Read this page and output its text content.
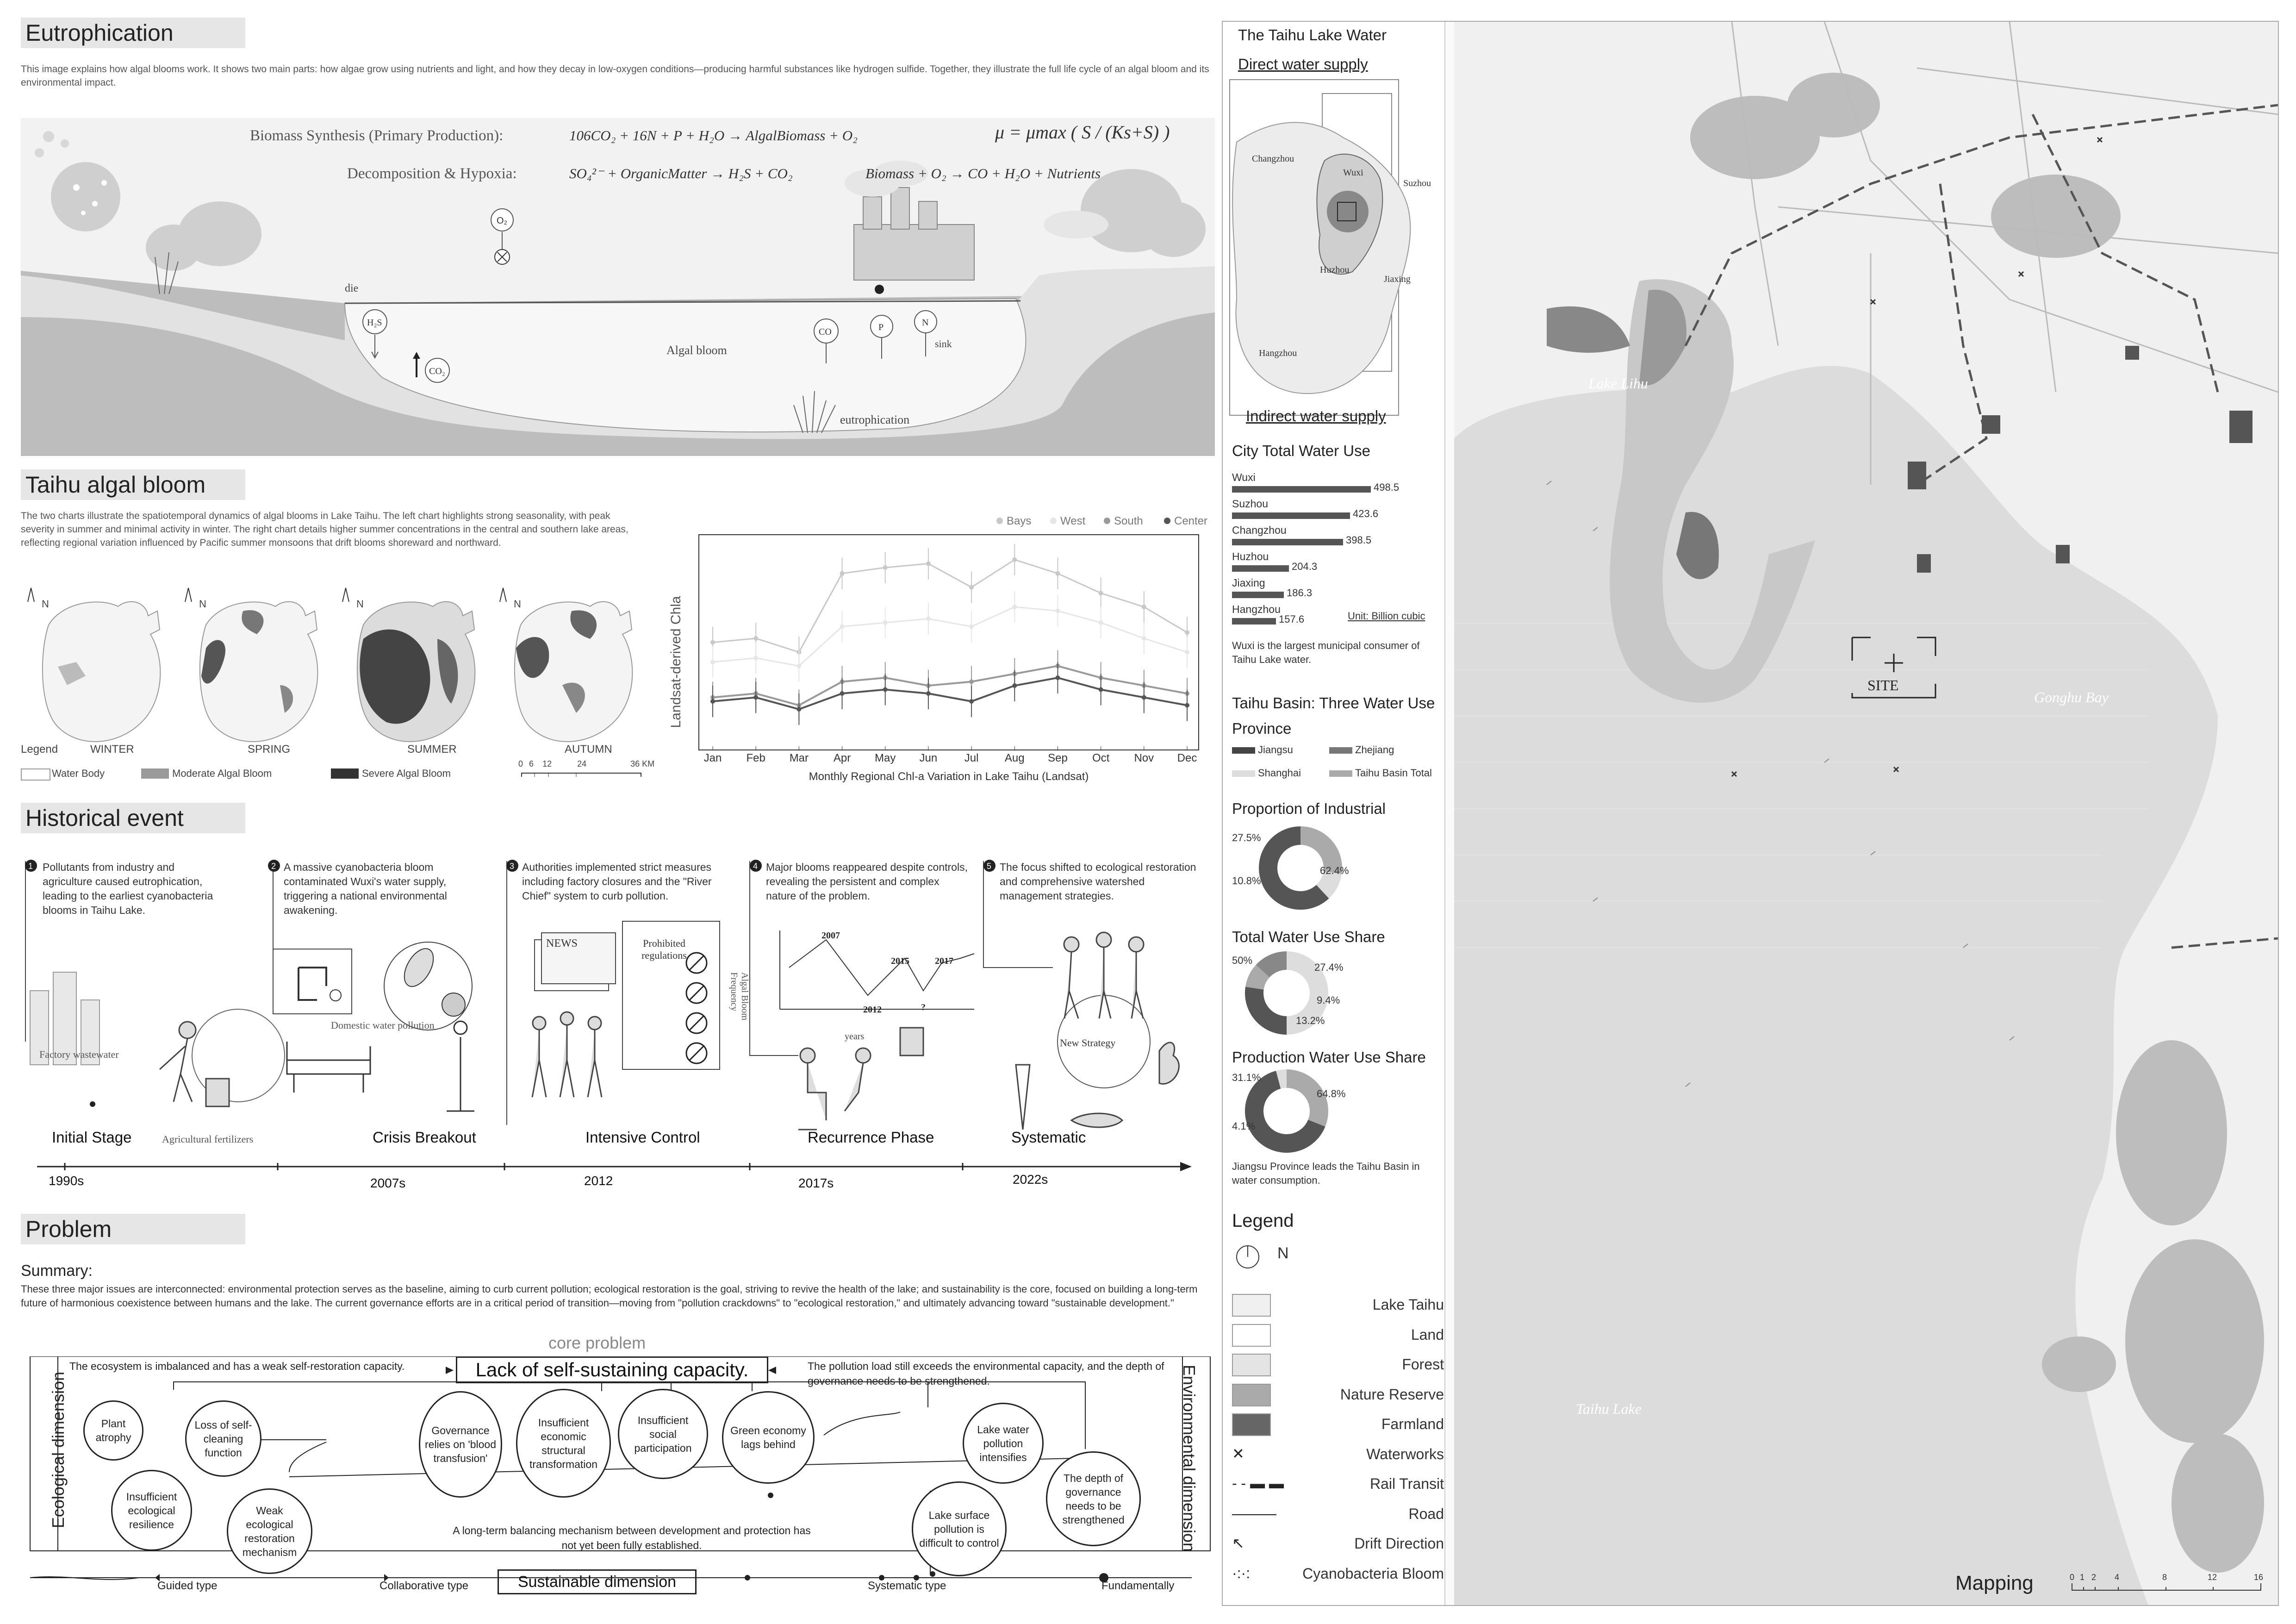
Eutrophication
This image explains how algal blooms work. It shows two main parts: how algae grow using nutrients and light, and how they decay in low-oxygen conditions—producing harmful substances like hydrogen sulfide. Together, they illustrate the full life cycle of an algal bloom and its environmental impact.
O₂
H₂S
CO₂
CO	P	N
sink
die
Algal bloom
eutrophication
Biomass Synthesis (Primary Production):	106CO₂ + 16N + P + H₂O → AlgalBiomass + O₂	μ = μmax ( S / (Ks+S) )
Decomposition & Hypoxia:	SO₄²⁻ + OrganicMatter → H₂S + CO₂	Biomass + O₂ → CO + H₂O + Nutrients
Taihu algal bloom
The two charts illustrate the spatiotemporal dynamics of algal blooms in Lake Taihu. The left chart highlights strong seasonality, with peak severity in summer and minimal activity in winter. The right chart details higher summer concentrations in the central and southern lake areas, reflecting regional variation influenced by Pacific summer monsoons that drift blooms shoreward and northward.
N	N	N	N
WINTER	SPRING	SUMMER	AUTUMN
Legend
Water Body	Moderate Algal Bloom	Severe Algal Bloom
0 6 12	24	36 KM
Landsat-derived Chla
Monthly Regional Chl-a Variation in Lake Taihu (Landsat)
Jan Feb Mar Apr May Jun Jul Aug Sep Oct Nov Dec
Bays	West	South	Center
Historical event
1	2	3	4	5
NEWS
Pollutants from industry and agriculture caused eutrophication, leading to the earliest cyanobacteria blooms in Taihu Lake.
A massive cyanobacteria bloom contaminated Wuxi's water supply, triggering a national environmental awakening.
Authorities implemented strict measures including factory closures and the "River Chief" system to curb pollution.
Major blooms reappeared despite controls, revealing the persistent and complex nature of the problem.
The focus shifted to ecological restoration and comprehensive watershed management strategies.
Factory wastewater
Agricultural fertilizers
Domestic water pollution
Prohibited regulations
Algal Bloom Frequency
years
2007
2012
2015	2017
?
New Strategy
Initial Stage	Crisis Breakout	Intensive Control	Recurrence Phase	Systematic
1990s	2007s	2012	2017s	2022s
Problem
Summary:
These three major issues are interconnected: environmental protection serves as the baseline, aiming to curb current pollution; ecological restoration is the goal, striving to revive the health of the lake; and sustainability is the core, focused on building a long-term future of harmonious coexistence between humans and the lake. The current governance efforts are in a critical period of transition—moving from "pollution crackdowns" to "ecological restoration," and ultimately advancing toward "sustainable development."
core problem
Lack of self-sustaining capacity.
The ecosystem is imbalanced and has a weak self-restoration capacity.	The pollution load still exceeds the environmental capacity, and the depth of governance needs to be strengthened.
Ecological dimension	Environmental dimension
Plant atrophy
Loss of self-cleaning function
Insufficient ecological resilience
Weak ecological restoration mechanism
Governance relies on 'blood transfusion'
Insufficient economic structural transformation
Insufficient social participation
Green economy lags behind
Lake water pollution intensifies
The depth of governance needs to be strengthened
Lake surface pollution is difficult to control
A long-term balancing mechanism between development and protection has not yet been fully established.
Sustainable dimension
Guided type	Collaborative type	Systematic type	Fundamentally
The Taihu Lake Water
Direct water supply
Indirect water supply
Changzhou
Wuxi
Suzhou
Huzhou
Jiaxing
Hangzhou
City Total Water Use
Wuxi
498.5
Suzhou
423.6
Changzhou
398.5
Huzhou
204.3
Jiaxing
186.3
Hangzhou
157.6	Unit: Billion cubic
Wuxi is the largest municipal consumer of Taihu Lake water.
Taihu Basin: Three Water Use
Province
Jiangsu	Zhejiang
Shanghai	Taihu Basin Total
Proportion of Industrial
27.5%
10.8%
62.4%
Total Water Use Share
50%
27.4%
9.4%
13.2%
Production Water Use Share
31.1%
64.8%
4.1%
Jiangsu Province leads the Taihu Basin in water consumption.
Legend
N
Lake Taihu
Land
Forest
Nature Reserve
Farmland
✕	Waterworks
- - ▬ ▬	Rail Transit
―――	Road
↖	Drift Direction
·:·:	Cyanobacteria Bloom
Lake Lihu
SITE
Gonghu Bay
Taihu Lake
Mapping	0 1 2 4	8	12	16
